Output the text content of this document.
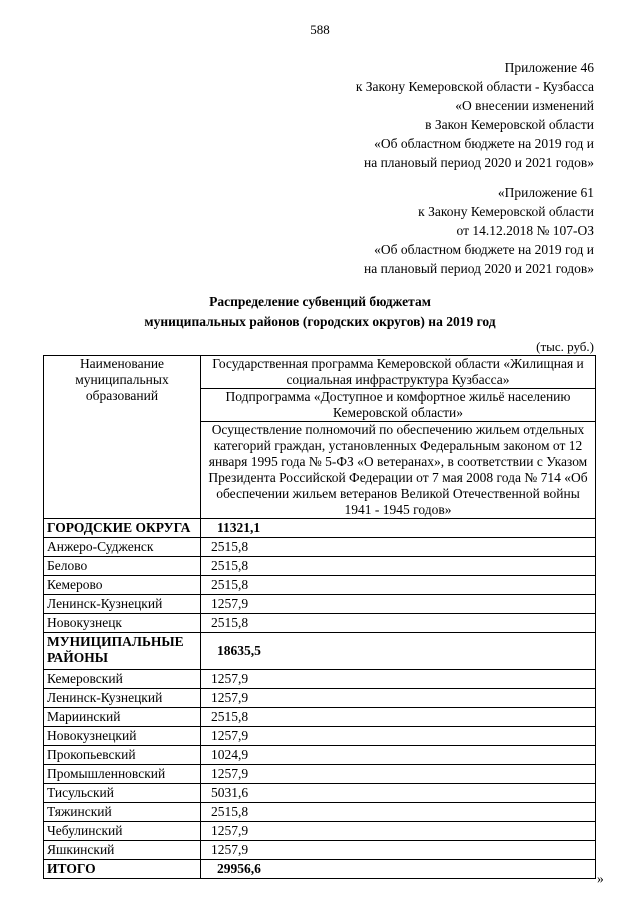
588
Приложение 46
к Закону Кемеровской области - Кузбасса
«О внесении изменений
в Закон Кемеровской области
«Об областном бюджете на 2019 год и
на плановый период 2020 и 2021 годов»
«Приложение 61
к Закону Кемеровской области
от 14.12.2018 № 107-ОЗ
«Об областном бюджете на 2019 год и
на плановый период 2020 и 2021 годов»
Распределение субвенций бюджетам
муниципальных районов (городских округов) на 2019 год
(тыс. руб.)
Наименование муниципальных образований	Государственная программа Кемеровской области «Жилищная и социальная инфраструктура Кузбасса»
	Подпрограмма «Доступное и комфортное жильё населению Кемеровской области»
	Осуществление полномочий по обеспечению жильем отдельных категорий граждан, установленных Федеральным законом от 12 января 1995 года № 5-ФЗ «О ветеранах», в соответствии с Указом Президента Российской Федерации от 7 мая 2008 года № 714 «Об обеспечении жильем ветеранов Великой Отечественной войны 1941 - 1945 годов»
ГОРОДСКИЕ ОКРУГА	11321,1
Анжеро-Судженск	2515,8
Белово	2515,8
Кемерово	2515,8
Ленинск-Кузнецкий	1257,9
Новокузнецк	2515,8
МУНИЦИПАЛЬНЫЕ РАЙОНЫ	18635,5
Кемеровский	1257,9
Ленинск-Кузнецкий	1257,9
Мариинский	2515,8
Новокузнецкий	1257,9
Прокопьевский	1024,9
Промышленновский	1257,9
Тисульский	5031,6
Тяжинский	2515,8
Чебулинский	1257,9
Яшкинский	1257,9
ИТОГО	29956,6
»
